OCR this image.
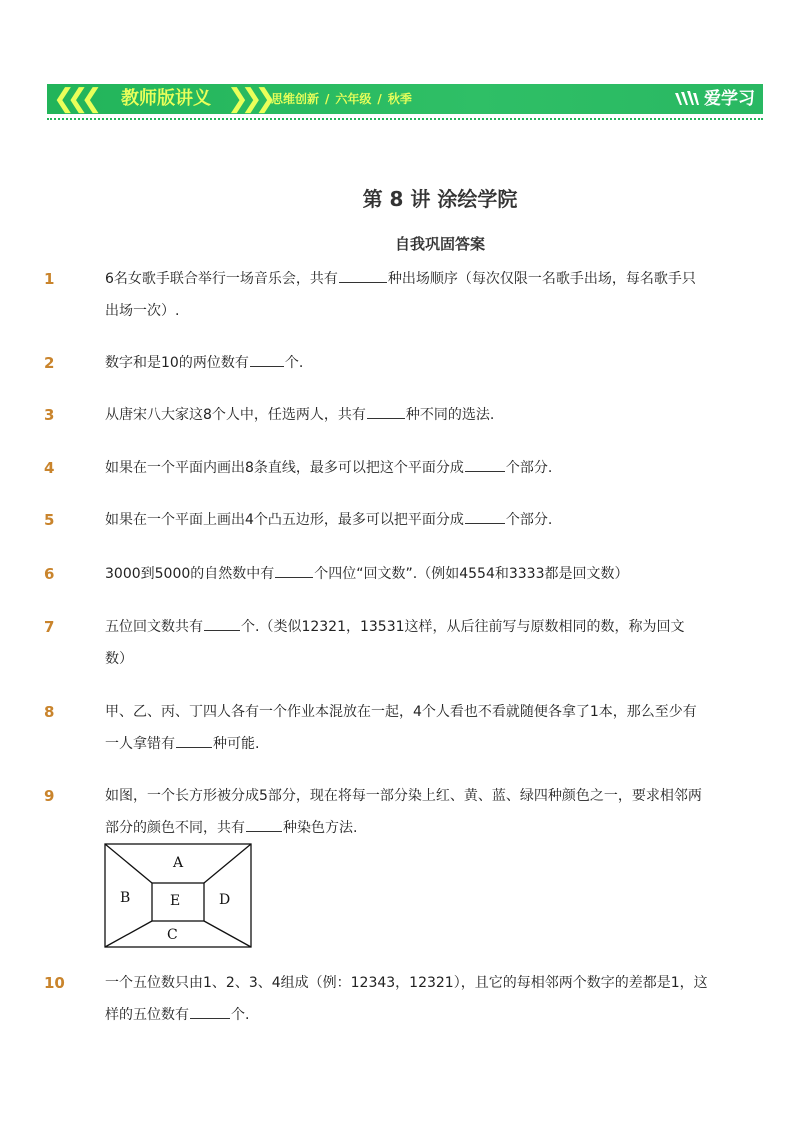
❮❮❮ 教师版讲义 ❯❯❯ 思维创新 / 六年级 / 秋季	爱学习
第 8 讲 涂绘学院
自我巩固答案
1	6名女歌手联合举行一场音乐会，共有	种出场顺序（每次仅限一名歌手出场，每名歌手只
出场一次）.
2	数字和是10的两位数有	个.
3	从唐宋八大家这8个人中，任选两人，共有	种不同的选法.
4	如果在一个平面内画出8条直线，最多可以把这个平面分成	个部分.
5	如果在一个平面上画出4个凸五边形，最多可以把平面分成	个部分.
6	3000到5000的自然数中有	个四位“回文数”.（例如4554和3333都是回文数）
7	五位回文数共有	个.（类似12321，13531这样，从后往前写与原数相同的数，称为回文
数）
8	甲、乙、丙、丁四人各有一个作业本混放在一起，4个人看也不看就随便各拿了1本，那么至少有
一人拿错有	种可能.
9	如图，一个长方形被分成5部分，现在将每一部分染上红、黄、蓝、绿四种颜色之一，要求相邻两
部分的颜色不同，共有	种染色方法.
10	一个五位数只由1、2、3、4组成（例：12343，12321），且它的每相邻两个数字的差都是1，这
样的五位数有	个.
A
B
C
D
E
